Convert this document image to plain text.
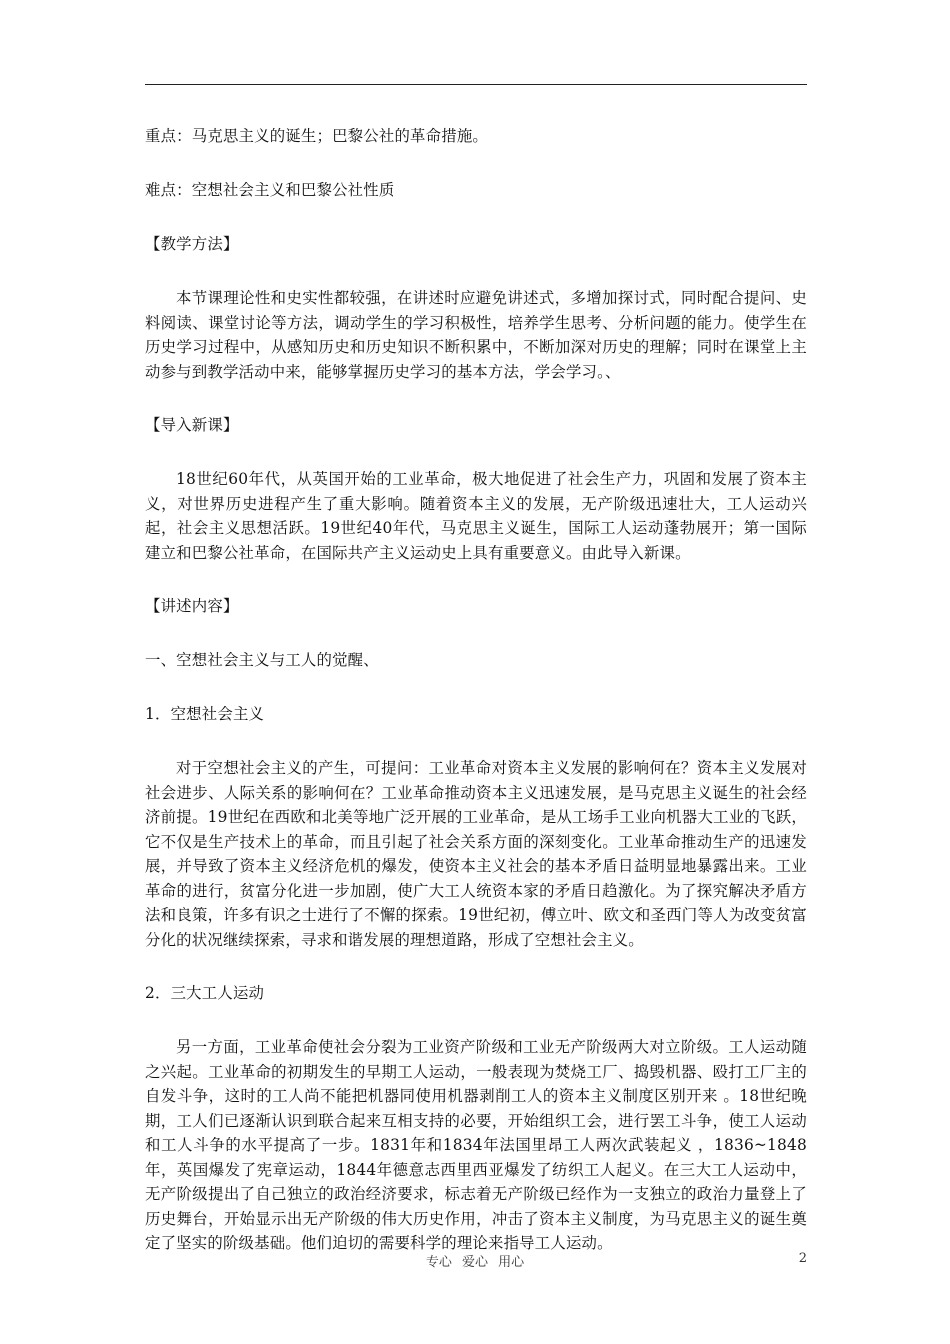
重点：马克思主义的诞生；巴黎公社的革命措施。

难点：空想社会主义和巴黎公社性质

【教学方法】

本节课理论性和史实性都较强，在讲述时应避免讲述式，多增加探讨式，同时配合提问、史料阅读、课堂讨论等方法，调动学生的学习积极性，培养学生思考、分析问题的能力。使学生在历史学习过程中，从感知历史和历史知识不断积累中，不断加深对历史的理解；同时在课堂上主动参与到教学活动中来，能够掌握历史学习的基本方法，学会学习。、

【导入新课】

18世纪60年代，从英国开始的工业革命，极大地促进了社会生产力，巩固和发展了资本主义，对世界历史进程产生了重大影响。随着资本主义的发展，无产阶级迅速壮大，工人运动兴起，社会主义思想活跃。19世纪40年代，马克思主义诞生，国际工人运动蓬勃展开；第一国际建立和巴黎公社革命，在国际共产主义运动史上具有重要意义。由此导入新课。

【讲述内容】

一、空想社会主义与工人的觉醒、

1．空想社会主义

对于空想社会主义的产生，可提问：工业革命对资本主义发展的影响何在？资本主义发展对社会进步、人际关系的影响何在？工业革命推动资本主义迅速发展，是马克思主义诞生的社会经济前提。19世纪在西欧和北美等地广泛开展的工业革命，是从工场手工业向机器大工业的飞跃，它不仅是生产技术上的革命，而且引起了社会关系方面的深刻变化。工业革命推动生产的迅速发展，并导致了资本主义经济危机的爆发，使资本主义社会的基本矛盾日益明显地暴露出来。工业革命的进行，贫富分化进一步加剧，使广大工人统资本家的矛盾日趋激化。为了探究解决矛盾方法和良策，许多有识之士进行了不懈的探索。19世纪初，傅立叶、欧文和圣西门等人为改变贫富分化的状况继续探索，寻求和谐发展的理想道路，形成了空想社会主义。

2．三大工人运动

另一方面，工业革命使社会分裂为工业资产阶级和工业无产阶级两大对立阶级。工人运动随之兴起。工业革命的初期发生的早期工人运动，一般表现为焚烧工厂、捣毁机器、殴打工厂主的自发斗争，这时的工人尚不能把机器同使用机器剥削工人的资本主义制度区别开来 。18世纪晚期，工人们已逐渐认识到联合起来互相支持的必要，开始组织工会，进行罢工斗争，使工人运动和工人斗争的水平提高了一步。1831年和1834年法国里昂工人两次武装起义 ，1836~1848年，英国爆发了宪章运动，1844年德意志西里西亚爆发了纺织工人起义。在三大工人运动中，无产阶级提出了自己独立的政治经济要求，标志着无产阶级已经作为一支独立的政治力量登上了历史舞台，开始显示出无产阶级的伟大历史作用，冲击了资本主义制度，为马克思主义的诞生奠定了坚实的阶级基础。他们迫切的需要科学的理论来指导工人运动。

专心 爱心 用心	2
